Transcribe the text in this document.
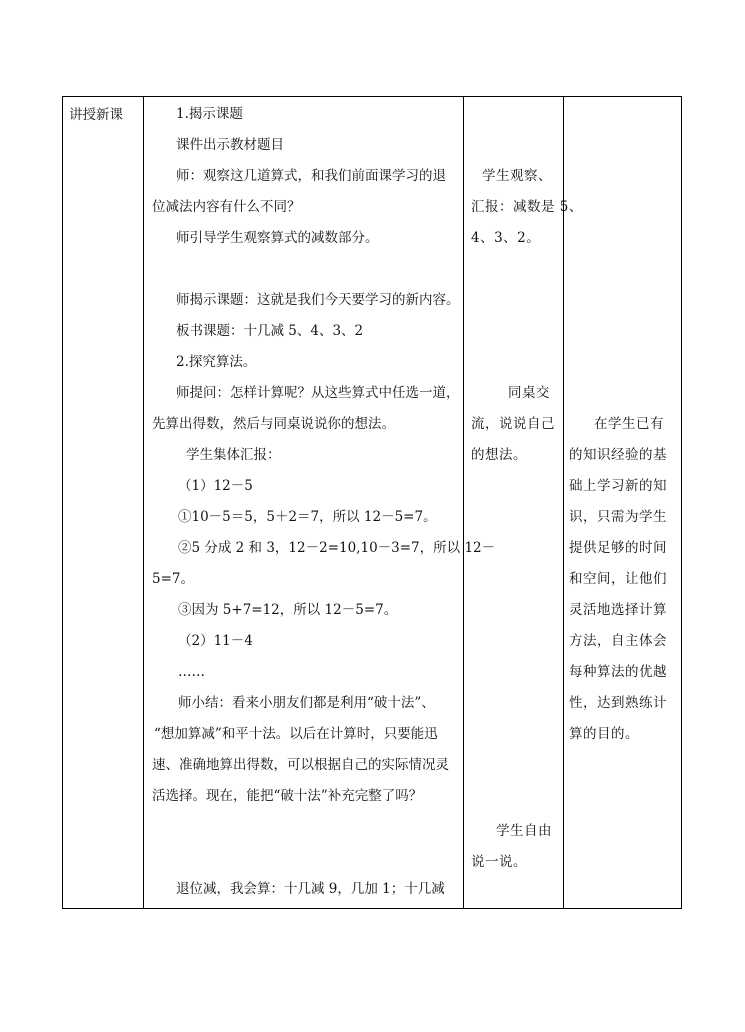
讲授新课	1.揭示课题
课件出示教材题目
师：观察这几道算式，和我们前面课学习的退
位减法内容有什么不同？
师引导学生观察算式的减数部分。
师揭示课题：这就是我们今天要学习的新内容。
板书课题：十几减 5、4、3、2
2.探究算法。
师提问：怎样计算呢？从这些算式中任选一道，
先算出得数，然后与同桌说说你的想法。
学生集体汇报：
（1）12－5
①10－5＝5，5＋2＝7，所以 12－5=7。
②5 分成 2 和 3，12－2=10,10－3=7，所以 12－
5=7。
③因为 5+7=12，所以 12－5=7。
（2）11－4
……
师小结：看来小朋友们都是利用“破十法”、
“想加算减”和平十法。以后在计算时，只要能迅
速、准确地算出得数，可以根据自己的实际情况灵
活选择。现在，能把“破十法”补充完整了吗？
退位减，我会算：十几减 9，几加 1；十几减
学生观察、
汇报：减数是 5、
4、3、2。
同桌交
流，说说自己
的想法。
学生自由
说一说。
在学生已有
的知识经验的基
础上学习新的知
识，只需为学生
提供足够的时间
和空间，让他们
灵活地选择计算
方法，自主体会
每种算法的优越
性，达到熟练计
算的目的。
